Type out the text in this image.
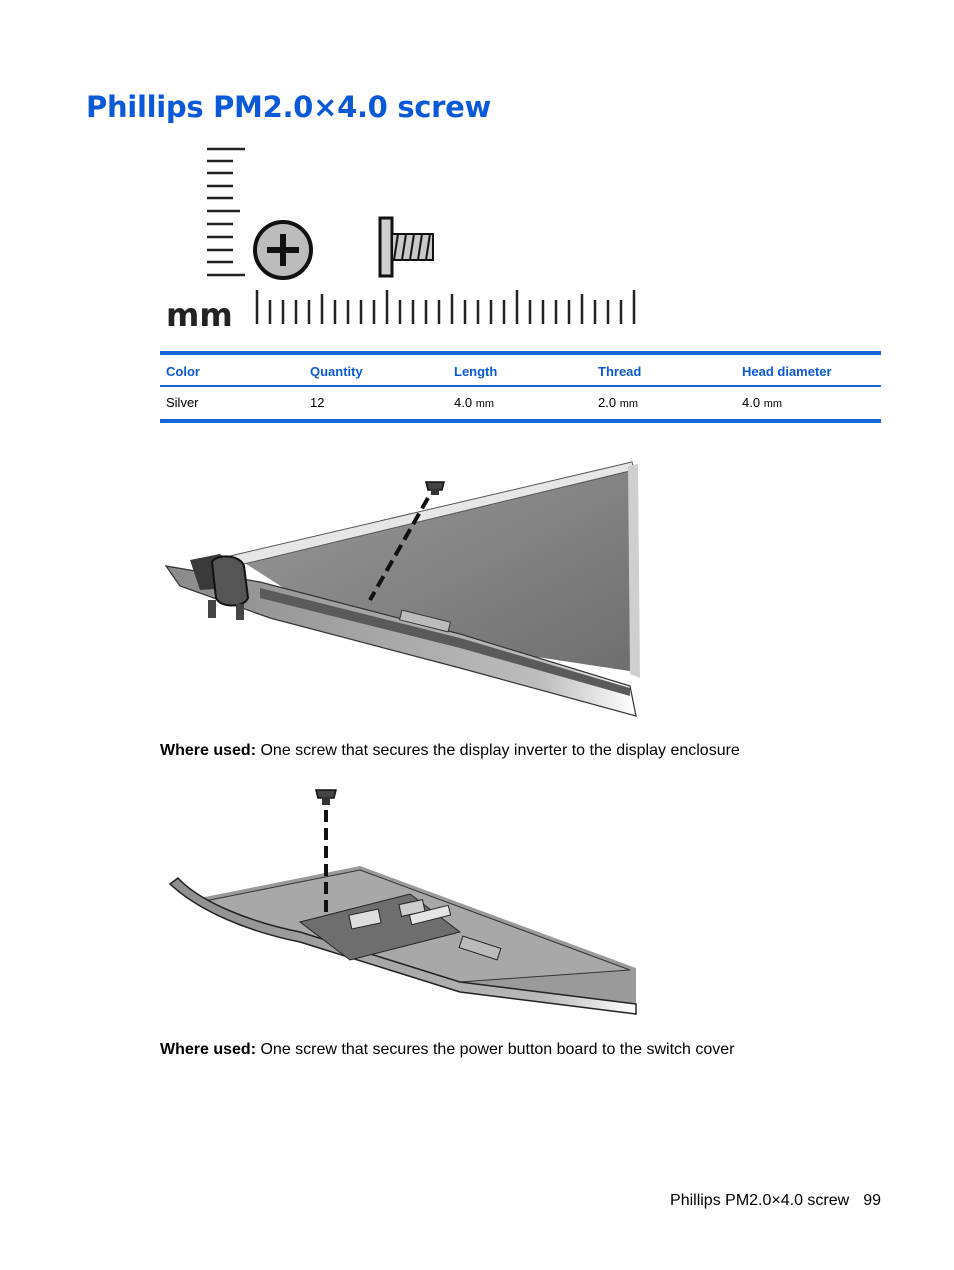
Phillips PM2.0×4.0 screw
mm
Color	Quantity	Length	Thread	Head diameter
Silver	12	4.0 mm	2.0 mm	4.0 mm
Where used: One screw that secures the display inverter to the display enclosure
Where used: One screw that secures the power button board to the switch cover
Phillips PM2.0×4.0 screw 99
